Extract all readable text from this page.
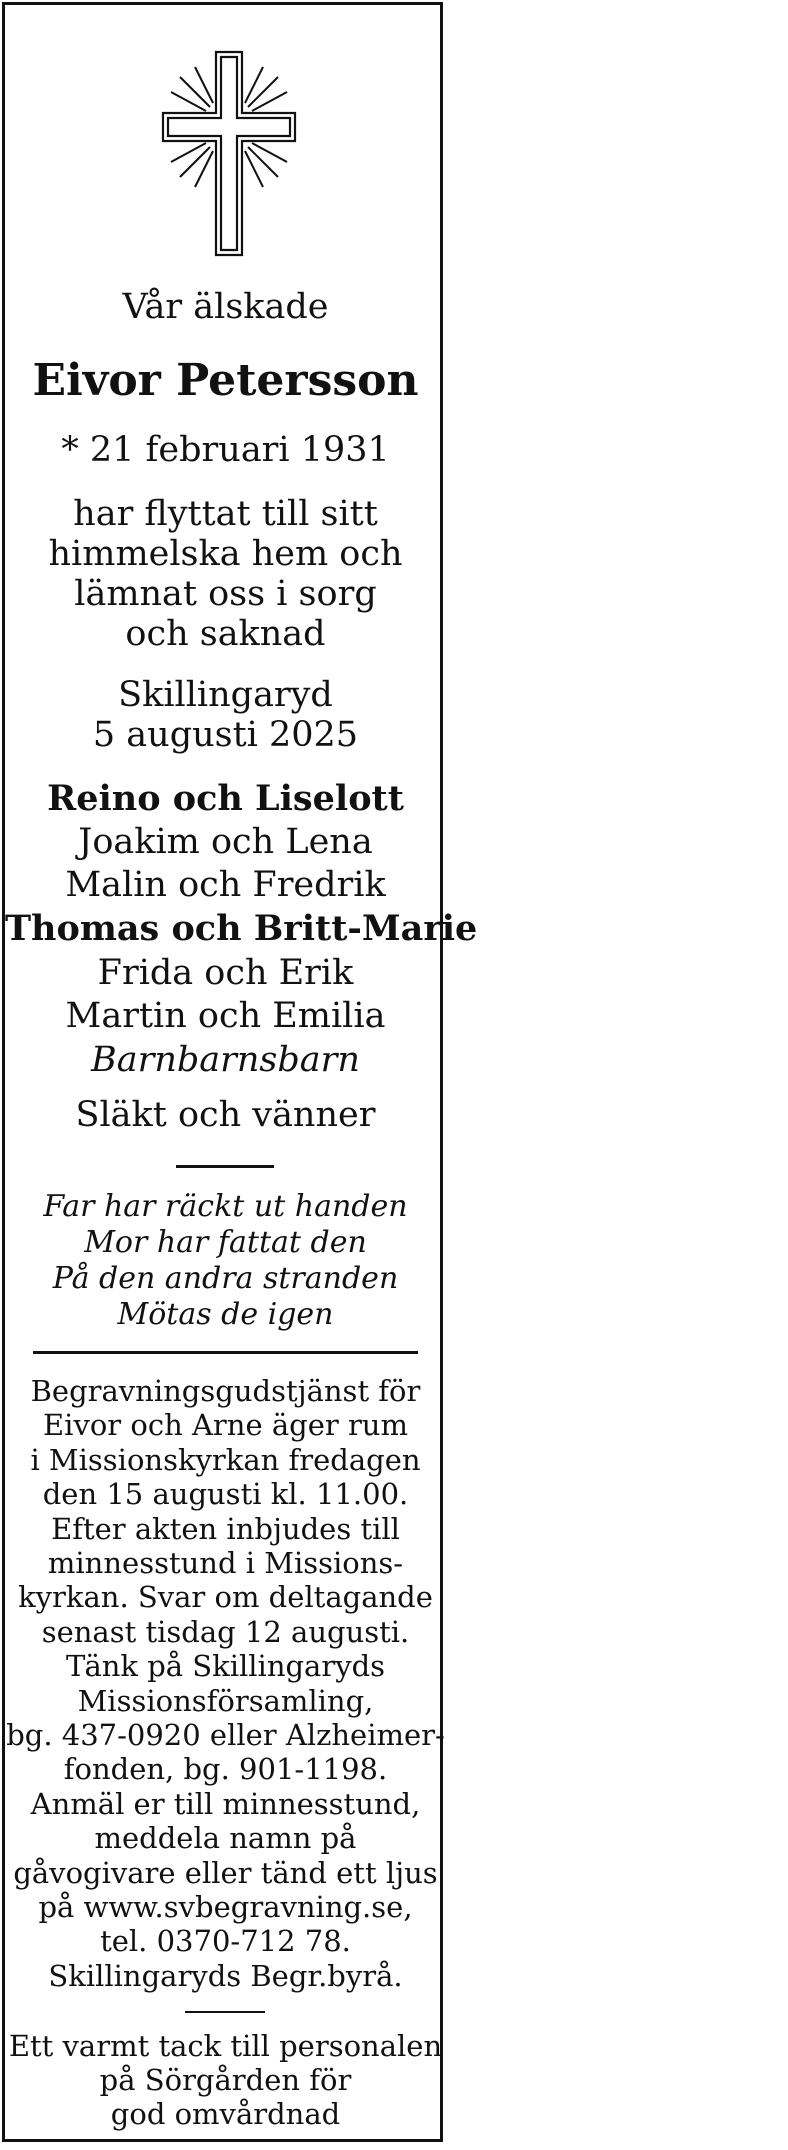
Vår älskade
Eivor Petersson
* 21 februari 1931
har flyttat till sitt
himmelska hem och
lämnat oss i sorg
och saknad
Skillingaryd
5 augusti 2025
Reino och Liselott
Joakim och Lena
Malin och Fredrik
Thomas och Britt-Marie
Frida och Erik
Martin och Emilia
Barnbarnsbarn
Släkt och vänner
Far har räckt ut handen
Mor har fattat den
På den andra stranden
Mötas de igen
Begravningsgudstjänst för
Eivor och Arne äger rum
i Missionskyrkan fredagen
den 15 augusti kl. 11.00.
Efter akten inbjudes till
minnesstund i Missions-
kyrkan. Svar om deltagande
senast tisdag 12 augusti.
Tänk på Skillingaryds
Missionsförsamling,
bg. 437-0920 eller Alzheimer-
fonden, bg. 901-1198.
Anmäl er till minnesstund,
meddela namn på
gåvogivare eller tänd ett ljus
på www.svbegravning.se,
tel. 0370-712 78.
Skillingaryds Begr.byrå.
Ett varmt tack till personalen
på Sörgården för
god omvårdnad
